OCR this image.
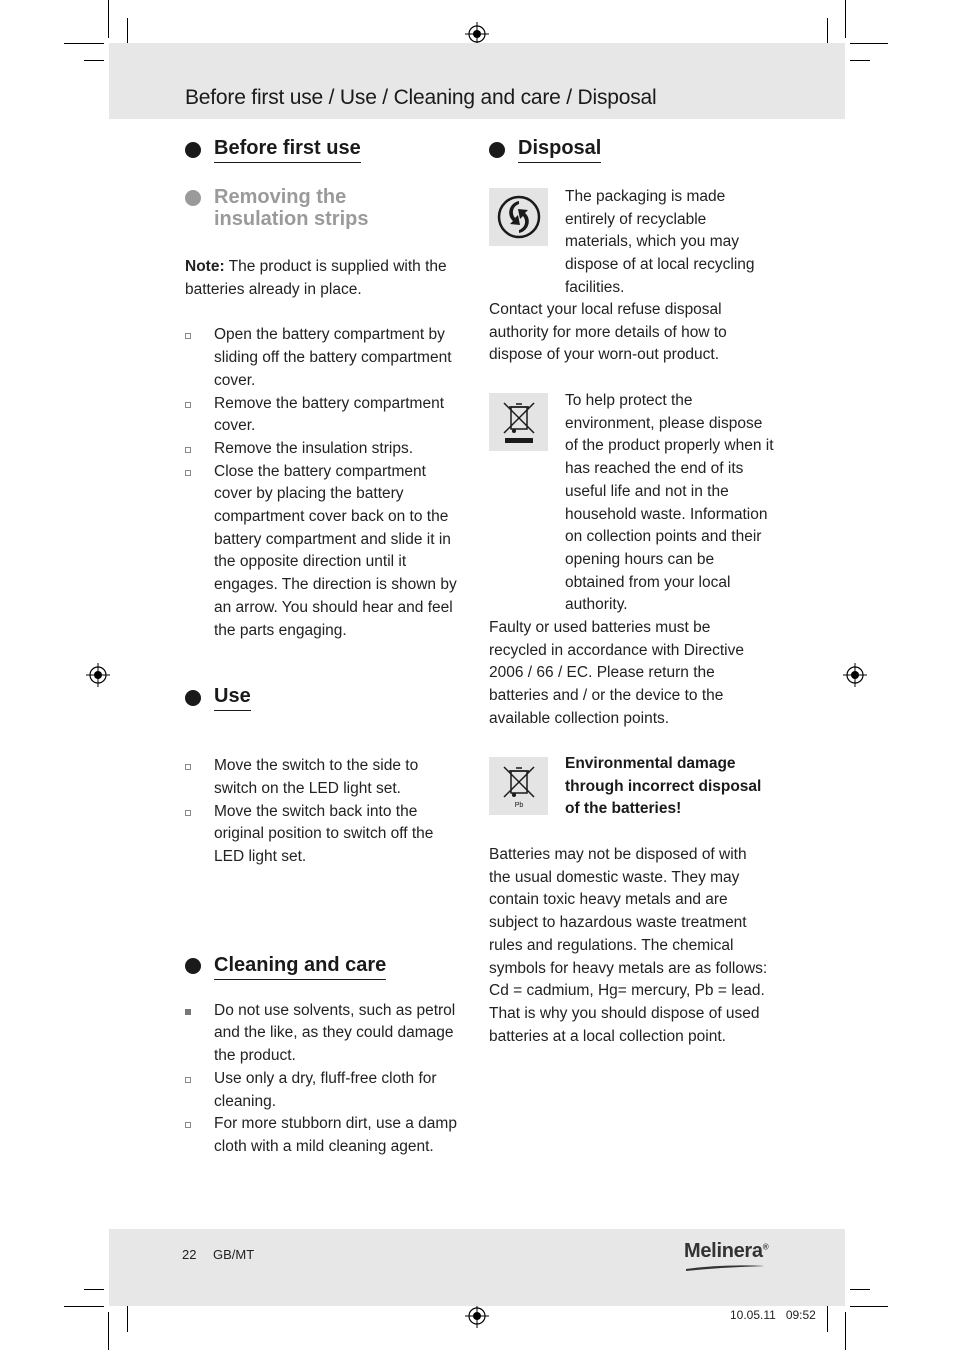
Before first use / Use / Cleaning and care / Disposal
Before first use
Removing the insulation strips

Note: The product is supplied with the batteries already in place.

Open the battery compartment by sliding off the battery compartment cover.
Remove the battery compartment cover.
Remove the insulation strips.
Close the battery compartment cover by placing the battery compartment cover back on to the battery compartment and slide it in the opposite direction until it engages. The direction is shown by an arrow. You should hear and feel the parts engaging.
Use
Move the switch to the side to switch on the LED light set.
Move the switch back into the original position to switch off the LED light set.
Cleaning and care
Do not use solvents, such as petrol and the like, as they could damage the product.
Use only a dry, fluff-free cloth for cleaning.
For more stubborn dirt, use a damp cloth with a mild cleaning agent.
Disposal
The packaging is made entirely of recyclable materials, which you may dispose of at local recycling facilities.

Contact your local refuse disposal authority for more details of how to dispose of your worn-out product.

To help protect the environment, please dispose of the product properly when it has reached the end of its useful life and not in the household waste. Information on collection points and their opening hours can be obtained from your local authority.

Faulty or used batteries must be recycled in accordance with Directive 2006 / 66 / EC. Please return the batteries and / or the device to the available collection points.

Pb
Environmental damage through incorrect disposal of the batteries!

Batteries may not be disposed of with the usual domestic waste. They may contain toxic heavy metals and are subject to hazardous waste treatment rules and regulations. The chemical symbols for heavy metals are as follows: Cd = cadmium, Hg= mercury, Pb = lead. That is why you should dispose of used batteries at a local collection point.

22 GB/MT	Melinera®
10.05.11   09:52
